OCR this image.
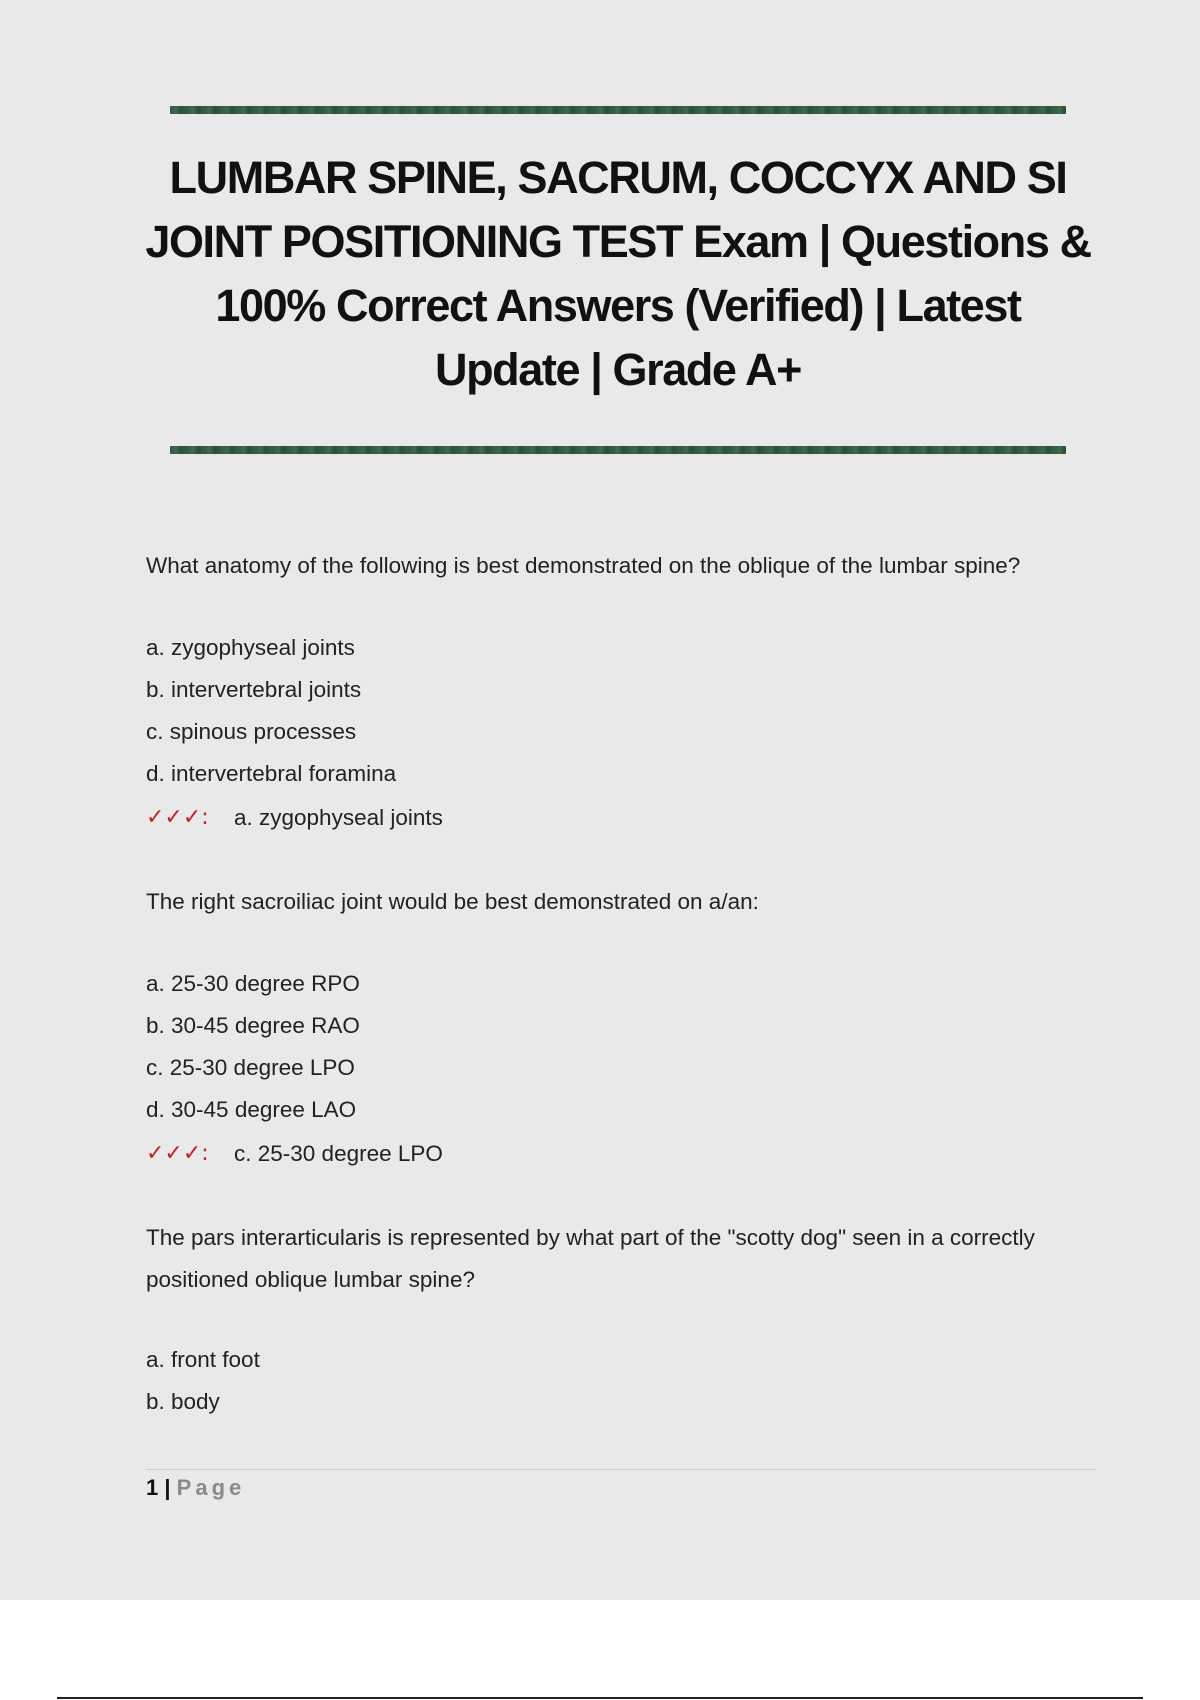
LUMBAR SPINE, SACRUM, COCCYX AND SI JOINT POSITIONING TEST Exam | Questions & 100% Correct Answers (Verified) | Latest Update | Grade A+

What anatomy of the following is best demonstrated on the oblique of the lumbar spine?

a. zygophyseal joints
b. intervertebral joints
c. spinous processes
d. intervertebral foramina
✓✓✓:	a. zygophyseal joints

The right sacroiliac joint would be best demonstrated on a/an:

a. 25-30 degree RPO
b. 30-45 degree RAO
c. 25-30 degree LPO
d. 30-45 degree LAO
✓✓✓:	c. 25-30 degree LPO

The pars interarticularis is represented by what part of the "scotty dog" seen in a correctly positioned oblique lumbar spine?

a. front foot
b. body
1 | Page
